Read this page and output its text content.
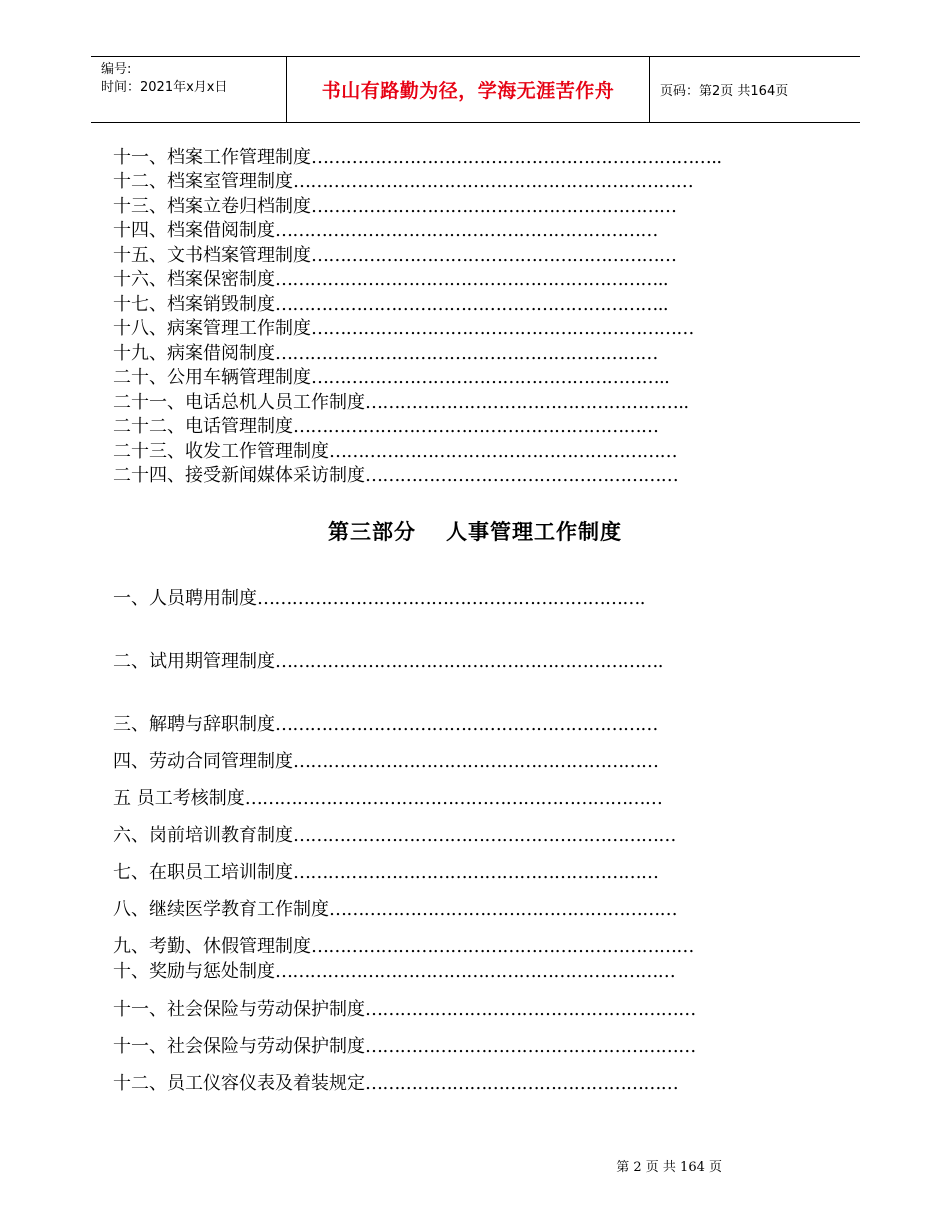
编号:
时间：2021年x月x日	书山有路勤为径，学海无涯苦作舟	页码：第2页 共164页
十一、档案工作管理制度……………………………………………………………..
十二、档案室管理制度……………………………………………………………
十三、档案立卷归档制度………………………………………………………
十四、档案借阅制度…………………………………………………………
十五、文书档案管理制度………………………………………………………
十六、档案保密制度…………………………………………………………..
十七、档案销毁制度…………………………………………………………..
十八、病案管理工作制度…………………………………………………………
十九、病案借阅制度…………………………………………………………
二十、公用车辆管理制度……………………………………………………..
二十一、电话总机人员工作制度………………………………………………..
二十二、电话管理制度………………………………………………………
二十三、收发工作管理制度……………………………………………………
二十四、接受新闻媒体采访制度………………………………………………
第三部分 人事管理工作制度
一、人员聘用制度………………………………………………………….
二、试用期管理制度………………………………………………………….
三、解聘与辞职制度…………………………………………………………
四、劳动合同管理制度………………………………………………………
五 员工考核制度………………………………………………………………
六、岗前培训教育制度…………………………………………………………
七、在职员工培训制度………………………………………………………
八、继续医学教育工作制度……………………………………………………
九、考勤、休假管理制度…………………………………………………………
十、奖励与惩处制度……………………………………………………………
十一、社会保险与劳动保护制度…………………………………………………
十一、社会保险与劳动保护制度…………………………………………………
十二、员工仪容仪表及着装规定………………………………………………
第 2 页 共 164 页
